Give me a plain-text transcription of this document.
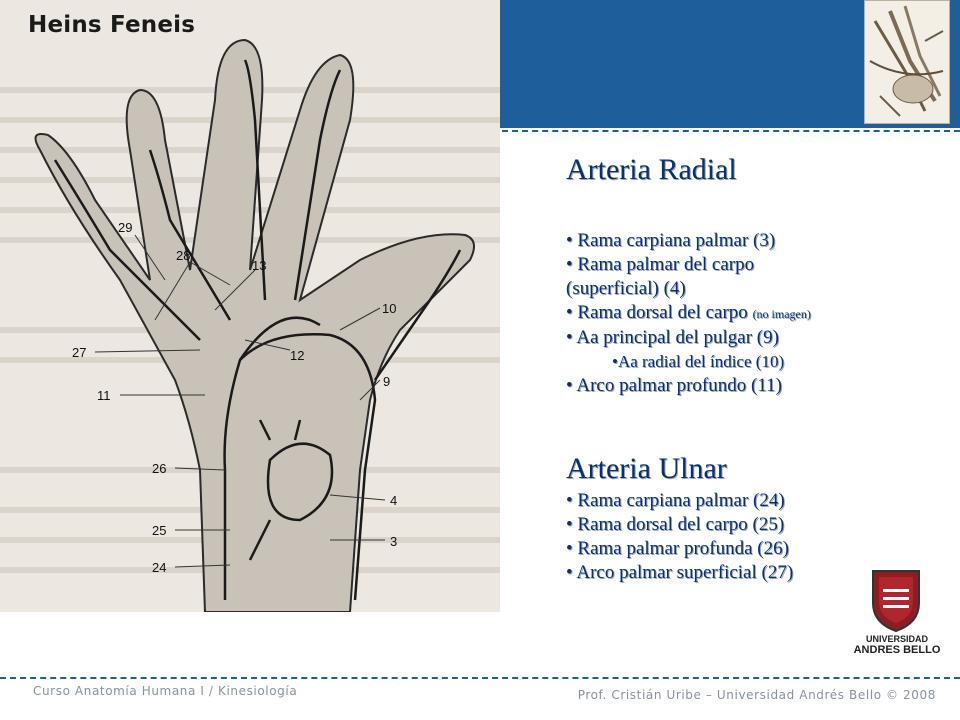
29
28
13
10
27	12
11
9
26
4
25
3
24
Heins Feneis
Arteria Radial
• Rama carpiana palmar (3)
• Rama palmar del carpo
(superficial) (4)
• Rama dorsal del carpo (no imagen)
• Aa principal del pulgar (9)
•Aa radial del índice (10)
• Arco palmar profundo (11)
Arteria Ulnar
• Rama carpiana palmar (24)
• Rama dorsal del carpo (25)
• Rama palmar profunda (26)
• Arco palmar superficial (27)
UNIVERSIDAD
ANDRES BELLO
Curso Anatomía Humana I / Kinesiología	Prof. Cristián Uribe – Universidad Andrés Bello © 2008
